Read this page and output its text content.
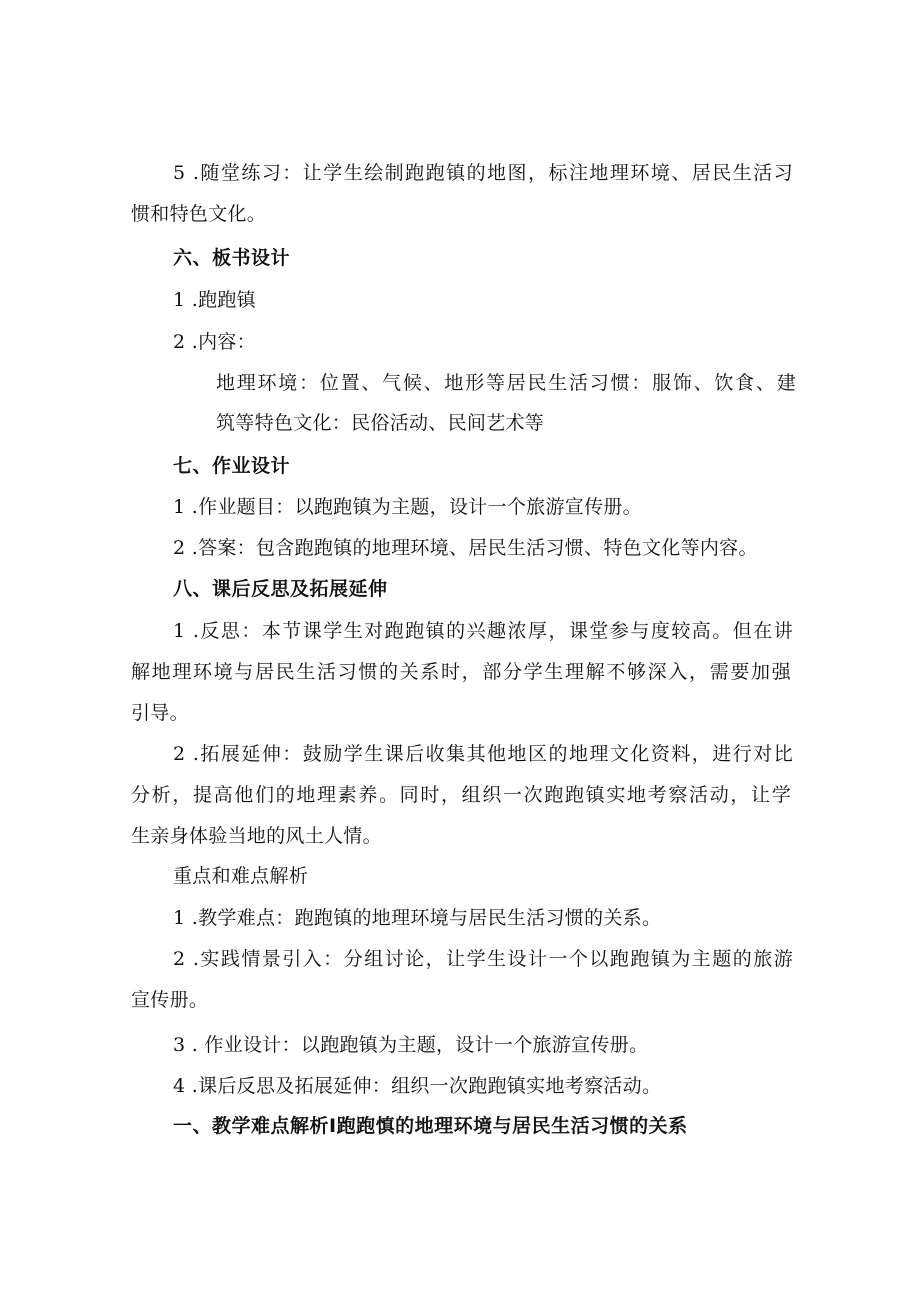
5 .随堂练习：让学生绘制跑跑镇的地图，标注地理环境、居民生活习
惯和特色文化。
六、板书设计
1 .跑跑镇
2 .内容：
地理环境：位置、气候、地形等居民生活习惯：服饰、饮食、建
筑等特色文化：民俗活动、民间艺术等
七、作业设计
1 .作业题目：以跑跑镇为主题，设计一个旅游宣传册。
2 .答案：包含跑跑镇的地理环境、居民生活习惯、特色文化等内容。
八、课后反思及拓展延伸
1 .反思：本节课学生对跑跑镇的兴趣浓厚，课堂参与度较高。但在讲
解地理环境与居民生活习惯的关系时，部分学生理解不够深入，需要加强
引导。
2 .拓展延伸：鼓励学生课后收集其他地区的地理文化资料，进行对比
分析，提高他们的地理素养。同时，组织一次跑跑镇实地考察活动，让学
生亲身体验当地的风土人情。
重点和难点解析
1 .教学难点：跑跑镇的地理环境与居民生活习惯的关系。
2 .实践情景引入：分组讨论，让学生设计一个以跑跑镇为主题的旅游
宣传册。
3 . 作业设计：以跑跑镇为主题，设计一个旅游宣传册。
4 .课后反思及拓展延伸：组织一次跑跑镇实地考察活动。
一、教学难点解析I跑跑慎的地理环境与居民生活习惯的关系
